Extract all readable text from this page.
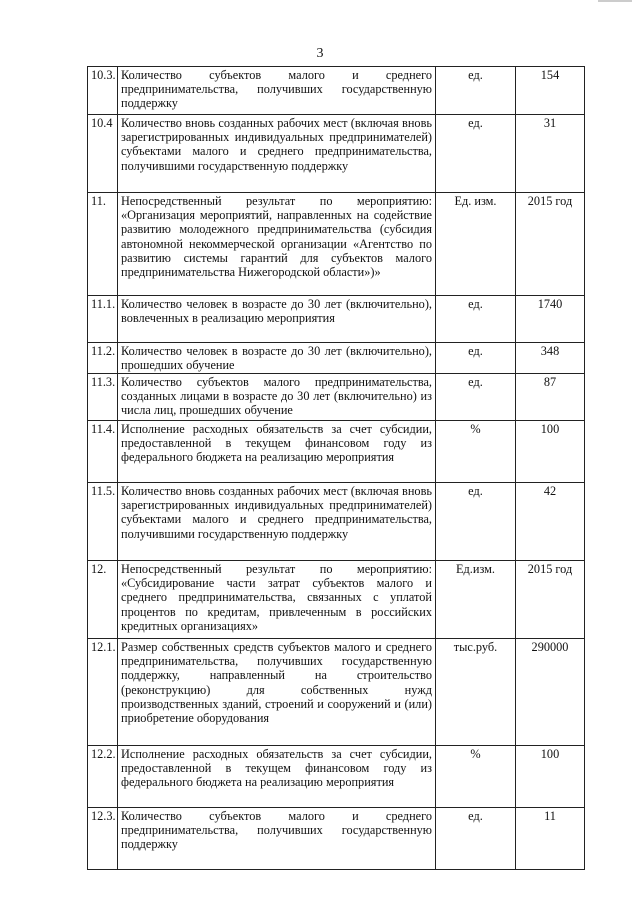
3
10.3.	Количество субъектов малого и среднего предпринимательства, получивших государственную поддержку	ед.	154
10.4	Количество вновь созданных рабочих мест (включая вновь зарегистрированных индивидуальных предпринимателей) субъектами малого и среднего предпринимательства, получившими государственную поддержку	ед.	31
11.	Непосредственный результат по мероприятию: «Организация мероприятий, направленных на содействие развитию молодежного предпринимательства (субсидия автономной некоммерческой организации «Агентство по развитию системы гарантий для субъектов малого предпринимательства Нижегородской области»)»	Ед. изм.	2015 год
11.1.	Количество человек в возрасте до 30 лет (включительно), вовлеченных в реализацию мероприятия	ед.	1740
11.2.	Количество человек в возрасте до 30 лет (включительно), прошедших обучение	ед.	348
11.3.	Количество субъектов малого предпринимательства, созданных лицами в возрасте до 30 лет (включительно) из числа лиц, прошедших обучение	ед.	87
11.4.	Исполнение расходных обязательств за счет субсидии, предоставленной в текущем финансовом году из федерального бюджета на реализацию мероприятия	%	100
11.5.	Количество вновь созданных рабочих мест (включая вновь зарегистрированных индивидуальных предпринимателей) субъектами малого и среднего предпринимательства, получившими государственную поддержку	ед.	42
12.	Непосредственный результат по мероприятию: «Субсидирование части затрат субъектов малого и среднего предпринимательства, связанных с уплатой процентов по кредитам, привлеченным в российских кредитных организациях»	Ед.изм.	2015 год
12.1.	Размер собственных средств субъектов малого и среднего предпринимательства, получивших государственную поддержку, направленный на строительство (реконструкцию) для собственных нужд производственных зданий, строений и сооружений и (или) приобретение оборудования	тыс.руб.	290000
12.2.	Исполнение расходных обязательств за счет субсидии, предоставленной в текущем финансовом году из федерального бюджета на реализацию мероприятия	%	100
12.3.	Количество субъектов малого и среднего предпринимательства, получивших государственную поддержку	ед.	11
